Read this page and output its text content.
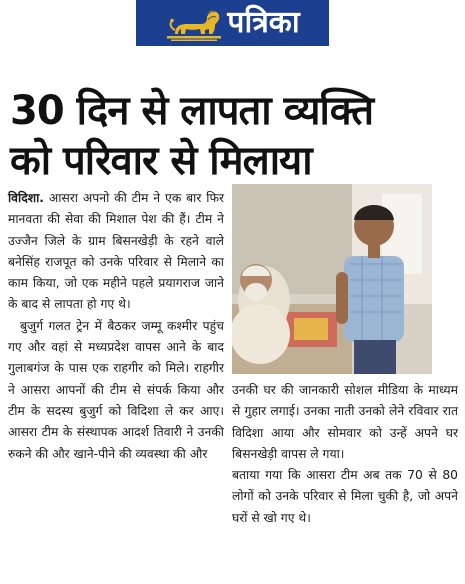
पत्रिका
30 दिन से लापता व्यक्ति
को परिवार से मिलाया

विदिशा. आसरा अपनो की टीम ने एक बार फिर मानवता की सेवा की मिशाल पेश की हैं। टीम ने उज्जैन जिले के ग्राम बिसनखेड़ी के रहने वाले बनेसिंह राजपूत को उनके परिवार से मिलाने का काम किया, जो एक महीने पहले प्रयागराज जाने के बाद से लापता हो गए थे।

बुजुर्ग गलत ट्रेन में बैठकर जम्मू कश्मीर पहुंच गए और वहां से मध्यप्रदेश वापस आने के बाद गुलाबगंज के पास एक राहगीर को मिले। राहगीर ने आसरा आपनों की टीम से संपर्क किया और टीम के सदस्य बुजुर्ग को विदिशा ले कर आए। आसरा टीम के संस्थापक आदर्श तिवारी ने उनकी रुकने की और खाने-पीने की व्यवस्था की और

उनकी घर की जानकारी सोशल मीडिया के माध्यम से गुहार लगाई। उनका नाती उनको लेने रविवार रात विदिशा आया और सोमवार को उन्हें अपने घर बिसनखेड़ी वापस ले गया।

बताया गया कि आसरा टीम अब तक 70 से 80 लोगों को उनके परिवार से मिला चुकी है, जो अपने घरों से खो गए थे।
